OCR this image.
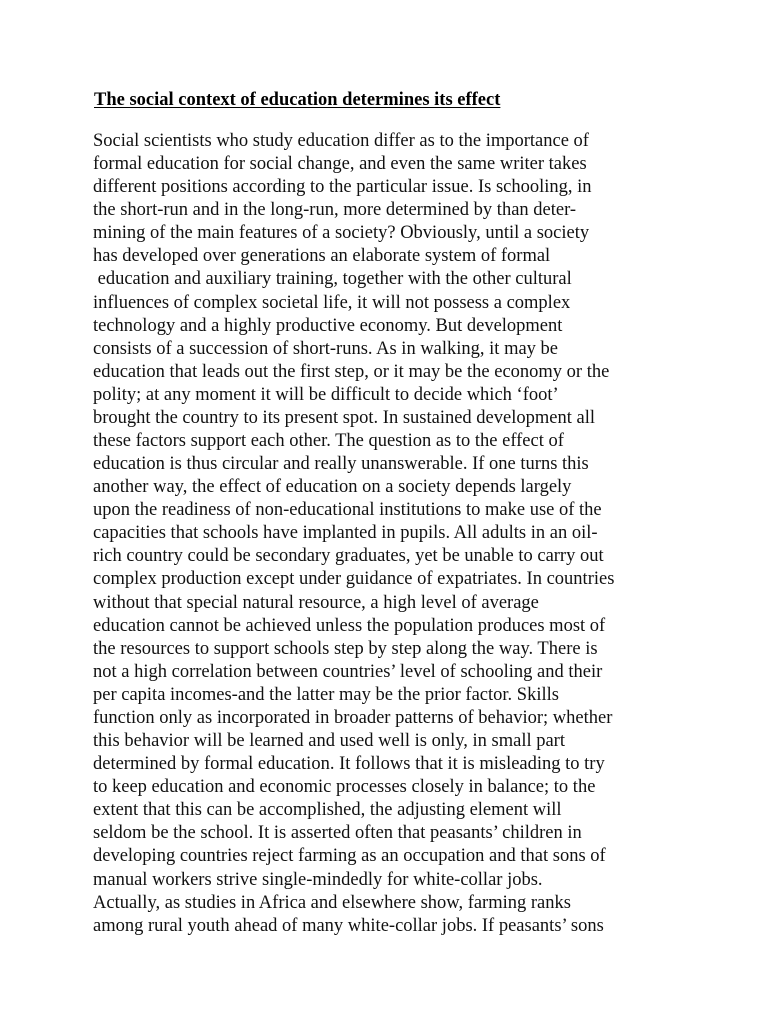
The social context of education determines its effect
Social scientists who study education differ as to the importance of
formal education for social change, and even the same writer takes
different positions according to the particular issue. Is schooling, in
the short-run and in the long-run, more determined by than deter-
mining of the main features of a society? Obviously, until a society
has developed over generations an elaborate system of formal
education and auxiliary training, together with the other cultural
influences of complex societal life, it will not possess a complex
technology and a highly productive economy. But development
consists of a succession of short-runs. As in walking, it may be
education that leads out the first step, or it may be the economy or the
polity; at any moment it will be difficult to decide which ‘foot’
brought the country to its present spot. In sustained development all
these factors support each other. The question as to the effect of
education is thus circular and really unanswerable. If one turns this
another way, the effect of education on a society depends largely
upon the readiness of non-educational institutions to make use of the
capacities that schools have implanted in pupils. All adults in an oil-
rich country could be secondary graduates, yet be unable to carry out
complex production except under guidance of expatriates. In countries
without that special natural resource, a high level of average
education cannot be achieved unless the population produces most of
the resources to support schools step by step along the way. There is
not a high correlation between countries’ level of schooling and their
per capita incomes-and the latter may be the prior factor. Skills
function only as incorporated in broader patterns of behavior; whether
this behavior will be learned and used well is only, in small part
determined by formal education. It follows that it is misleading to try
to keep education and economic processes closely in balance; to the
extent that this can be accomplished, the adjusting element will
seldom be the school. It is asserted often that peasants’ children in
developing countries reject farming as an occupation and that sons of
manual workers strive single-mindedly for white-collar jobs.
Actually, as studies in Africa and elsewhere show, farming ranks
among rural youth ahead of many white-collar jobs. If peasants’ sons
